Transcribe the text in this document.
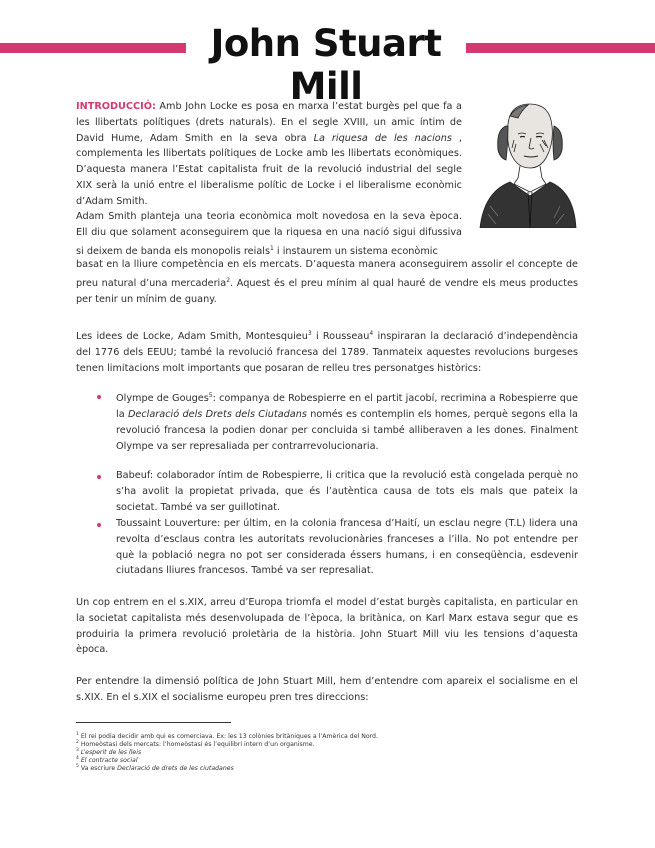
John Stuart Mill
INTRODUCCIÓ: Amb John Locke es posa en marxa l’estat burgès pel que fa a les llibertats polítiques (drets naturals). En el segle XVIII, un amic íntim de David Hume, Adam Smith en la seva obra La riquesa de les nacions , complementa les llibertats polítiques de Locke amb les llibertats econòmiques. D’aquesta manera l’Estat capitalista fruit de la revolució industrial del segle XIX serà la unió entre el liberalisme polític de Locke i el liberalisme econòmic d’Adam Smith.
Adam Smith planteja una teoria econòmica molt novedosa en la seva època. Ell diu que solament aconseguirem que la riquesa en una nació sigui difussiva si deixem de banda els monopolis reials$^1$ i instaurem un sistema econòmic
basat en la lliure competència en els mercats. D’aquesta manera aconseguirem assolir el concepte de preu natural d’una mercaderia$^2$. Aquest és el preu mínim al qual hauré de vendre els meus productes per tenir un mínim de guany.
Les idees de Locke, Adam Smith, Montesquieu$^3$ i Rousseau$^4$ inspiraran la declaració d’independència del 1776 dels EEUU; també la revolució francesa del 1789. Tanmateix aquestes revolucions burgeses tenen limitacions molt importants que posaran de relleu tres personatges històrics:
Olympe de Gouges$^5$: companya de Robespierre en el partit jacobí, recrimina a Robespierre que la Declaració dels Drets dels Ciutadans només es contemplin els homes, perquè segons ella la revolució francesa la podien donar per concluida si també alliberaven a les dones. Finalment Olympe va ser represaliada per contrarrevolucionaria.
Babeuf: colaborador íntim de Robespierre, li critica que la revolució està congelada perquè no s’ha avolit la propietat privada, que és l’autèntica causa de tots els mals que pateix la societat. També va ser guillotinat.
Toussaint Louverture: per últim, en la colonia francesa d’Haití, un esclau negre (T.L) lidera una revolta d’esclaus contra les autoritats revolucionàries franceses a l’illa. No pot entendre per què la població negra no pot ser considerada éssers humans, i en conseqüència, esdevenir ciutadans lliures francesos. També va ser represaliat.
Un cop entrem en el s.XIX, arreu d’Europa triomfa el model d’estat burgès capitalista, en particular en la societat capitalista més desenvolupada de l’època, la britànica, on Karl Marx estava segur que es produiria la primera revolució proletària de la història. John Stuart Mill viu les tensions d’aquesta època.
Per entendre la dimensió política de John Stuart Mill, hem d’entendre com apareix el socialisme en el s.XIX. En el s.XIX el socialisme europeu pren tres direccions:
$^1$ El rei podia decidir amb qui es comerciava. Ex: les 13 colònies britàniques a l’Amèrica del Nord.
$^2$ Homeòstasi dels mercats: l’homeòstasi és l’equilibri intern d’un organisme.
$^3$ L’esperit de les lleis
$^4$ El contracte social
$^5$ Va escriure Declaració de drets de les ciutadanes
